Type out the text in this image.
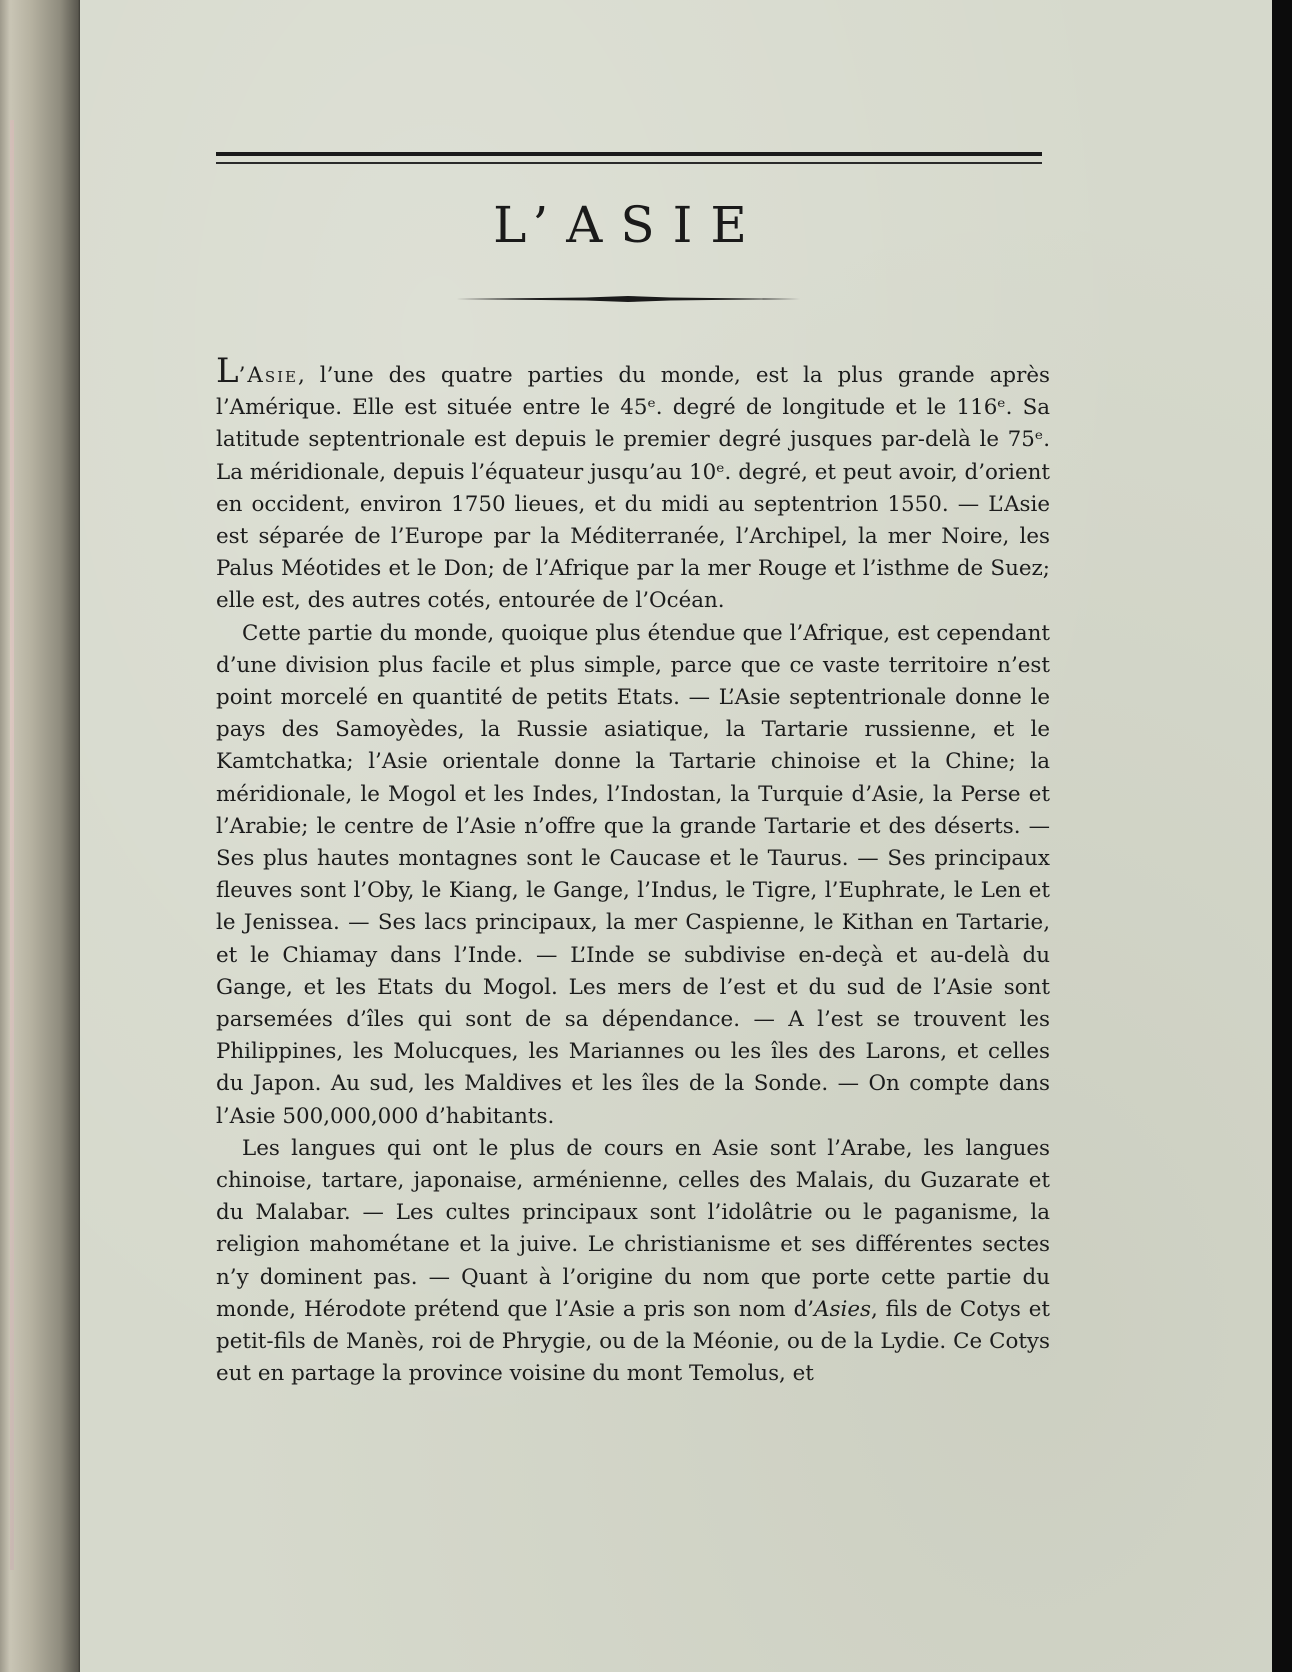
L’ASIE

L’Asie, l’une des quatre parties du monde, est la plus grande après l’Amérique. Elle est située entre le 45ᵉ. degré de longitude et le 116ᵉ. Sa latitude septentrionale est depuis le premier degré jusques par-delà le 75ᵉ. La méridionale, depuis l’équateur jusqu’au 10ᵉ. degré, et peut avoir, d’orient en occident, environ 1750 lieues, et du midi au septentrion 1550. — L’Asie est séparée de l’Europe par la Méditerranée, l’Archipel, la mer Noire, les Palus Méotides et le Don; de l’Afrique par la mer Rouge et l’isthme de Suez; elle est, des autres cotés, entourée de l’Océan.

Cette partie du monde, quoique plus étendue que l’Afrique, est cependant d’une division plus facile et plus simple, parce que ce vaste territoire n’est point morcelé en quantité de petits Etats. — L’Asie septentrionale donne le pays des Samoyèdes, la Russie asiatique, la Tartarie russienne, et le Kamtchatka; l’Asie orientale donne la Tartarie chinoise et la Chine; la méridionale, le Mogol et les Indes, l’Indostan, la Turquie d’Asie, la Perse et l’Arabie; le centre de l’Asie n’offre que la grande Tartarie et des déserts. — Ses plus hautes montagnes sont le Caucase et le Taurus. — Ses principaux fleuves sont l’Oby, le Kiang, le Gange, l’Indus, le Tigre, l’Euphrate, le Len et le Jenissea. — Ses lacs principaux, la mer Caspienne, le Kithan en Tartarie, et le Chiamay dans l’Inde. — L’Inde se subdivise en-deçà et au-delà du Gange, et les Etats du Mogol. Les mers de l’est et du sud de l’Asie sont parsemées d’îles qui sont de sa dépendance. — A l’est se trouvent les Philippines, les Molucques, les Mariannes ou les îles des Larons, et celles du Japon. Au sud, les Maldives et les îles de la Sonde. — On compte dans l’Asie 500,000,000 d’habitants.

Les langues qui ont le plus de cours en Asie sont l’Arabe, les langues chinoise, tartare, japonaise, arménienne, celles des Malais, du Guzarate et du Malabar. — Les cultes principaux sont l’idolâtrie ou le paganisme, la religion mahométane et la juive. Le christianisme et ses différentes sectes n’y dominent pas. — Quant à l’origine du nom que porte cette partie du monde, Hérodote prétend que l’Asie a pris son nom d’Asies, fils de Cotys et petit-fils de Manès, roi de Phrygie, ou de la Méonie, ou de la Lydie. Ce Cotys eut en partage la province voisine du mont Temolus, et
